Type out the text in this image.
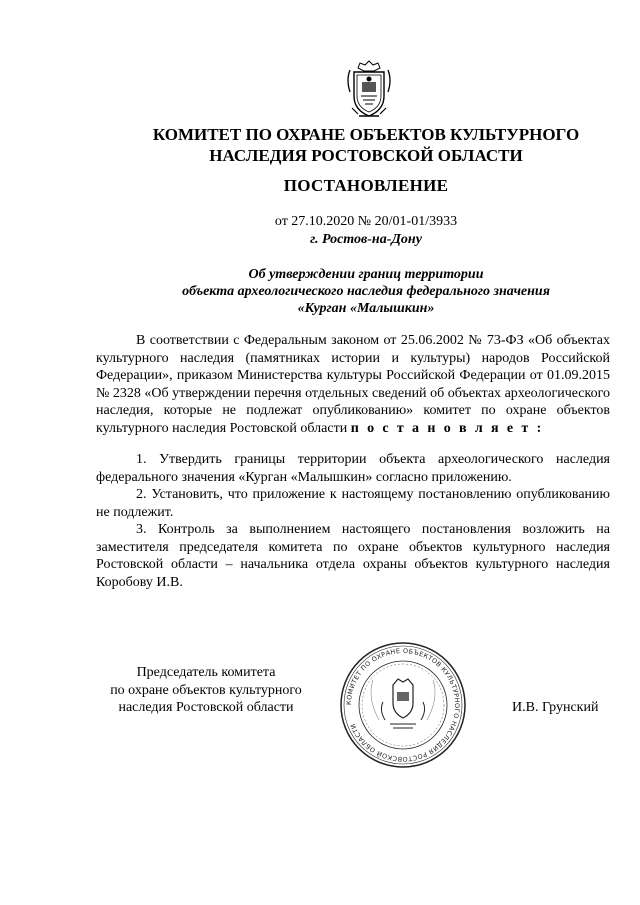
КОМИТЕТ ПО ОХРАНЕ ОБЪЕКТОВ КУЛЬТУРНОГО
НАСЛЕДИЯ РОСТОВСКОЙ ОБЛАСТИ
ПОСТАНОВЛЕНИЕ
от 27.10.2020 № 20/01-01/3933
г. Ростов-на-Дону
Об утверждении границ территории
объекта археологического наследия федерального значения
«Курган «Малышкин»

В соответствии с Федеральным законом от 25.06.2002 № 73-ФЗ «Об объектах культурного наследия (памятниках истории и культуры) народов Российской Федерации», приказом Министерства культуры Российской Федерации от 01.09.2015 № 2328 «Об утверждении перечня отдельных сведений об объектах археологического наследия, которые не подлежат опубликованию» комитет по охране объектов культурного наследия Ростовской области п о с т а н о в л я е т :

1. Утвердить границы территории объекта археологического наследия федерального значения «Курган «Малышкин» согласно приложению.

2. Установить, что приложение к настоящему постановлению опубликованию не подлежит.

3. Контроль за выполнением настоящего постановления возложить на заместителя председателя комитета по охране объектов культурного наследия Ростовской области – начальника отдела охраны объектов культурного наследия Коробову И.В.

Председатель комитета
по охране объектов культурного
наследия Ростовской области	КОМИТЕТ ПО ОХРАНЕ ОБЪЕКТОВ КУЛЬТУРНОГО НАСЛЕДИЯ РОСТОВСКОЙ ОБЛАСТИ
И.В. Грунский
